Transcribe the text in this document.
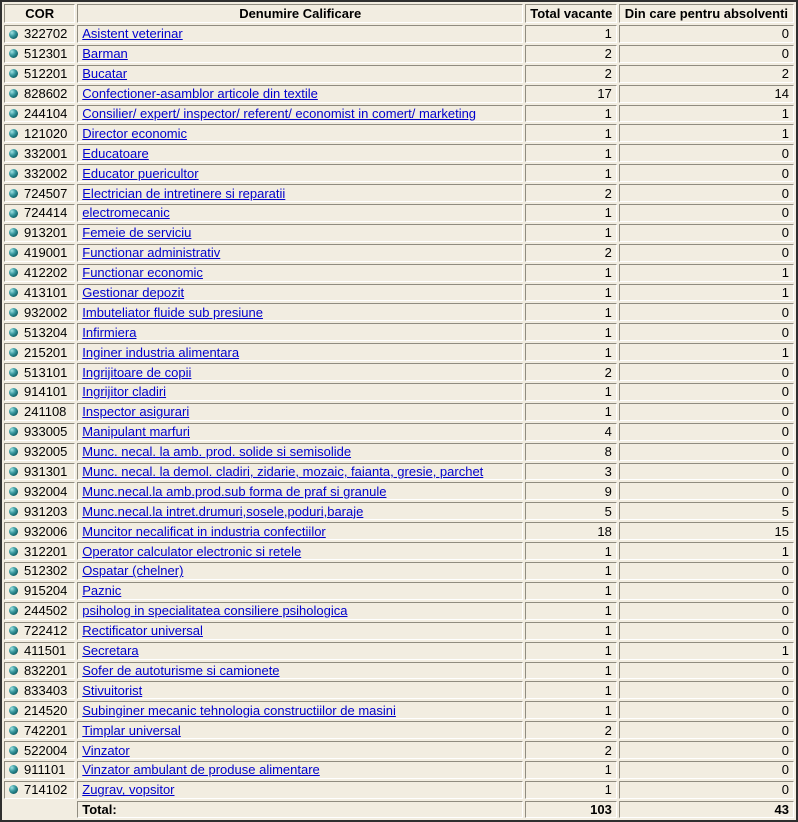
COR	Denumire Calificare	Total vacante	Din care pentru absolventi
322702	Asistent veterinar	1	0
512301	Barman	2	0
512201	Bucatar	2	2
828602	Confectioner-asamblor articole din textile	17	14
244104	Consilier/ expert/ inspector/ referent/ economist in comert/ marketing	1	1
121020	Director economic	1	1
332001	Educatoare	1	0
332002	Educator puericultor	1	0
724507	Electrician de intretinere si reparatii	2	0
724414	electromecanic	1	0
913201	Femeie de serviciu	1	0
419001	Functionar administrativ	2	0
412202	Functionar economic	1	1
413101	Gestionar depozit	1	1
932002	Imbuteliator fluide sub presiune	1	0
513204	Infirmiera	1	0
215201	Inginer industria alimentara	1	1
513101	Ingrijitoare de copii	2	0
914101	Ingrijitor cladiri	1	0
241108	Inspector asigurari	1	0
933005	Manipulant marfuri	4	0
932005	Munc. necal. la amb. prod. solide si semisolide	8	0
931301	Munc. necal. la demol. cladiri, zidarie, mozaic, faianta, gresie, parchet	3	0
932004	Munc.necal.la amb.prod.sub forma de praf si granule	9	0
931203	Munc.necal.la intret.drumuri,sosele,poduri,baraje	5	5
932006	Muncitor necalificat in industria confectiilor	18	15
312201	Operator calculator electronic si retele	1	1
512302	Ospatar (chelner)	1	0
915204	Paznic	1	0
244502	psiholog in specialitatea consiliere psihologica	1	0
722412	Rectificator universal	1	0
411501	Secretara	1	1
832201	Sofer de autoturisme si camionete	1	0
833403	Stivuitorist	1	0
214520	Subinginer mecanic tehnologia constructiilor de masini	1	0
742201	Timplar universal	2	0
522004	Vinzator	2	0
911101	Vinzator ambulant de produse alimentare	1	0
714102	Zugrav, vopsitor	1	0
	Total:	103	43
